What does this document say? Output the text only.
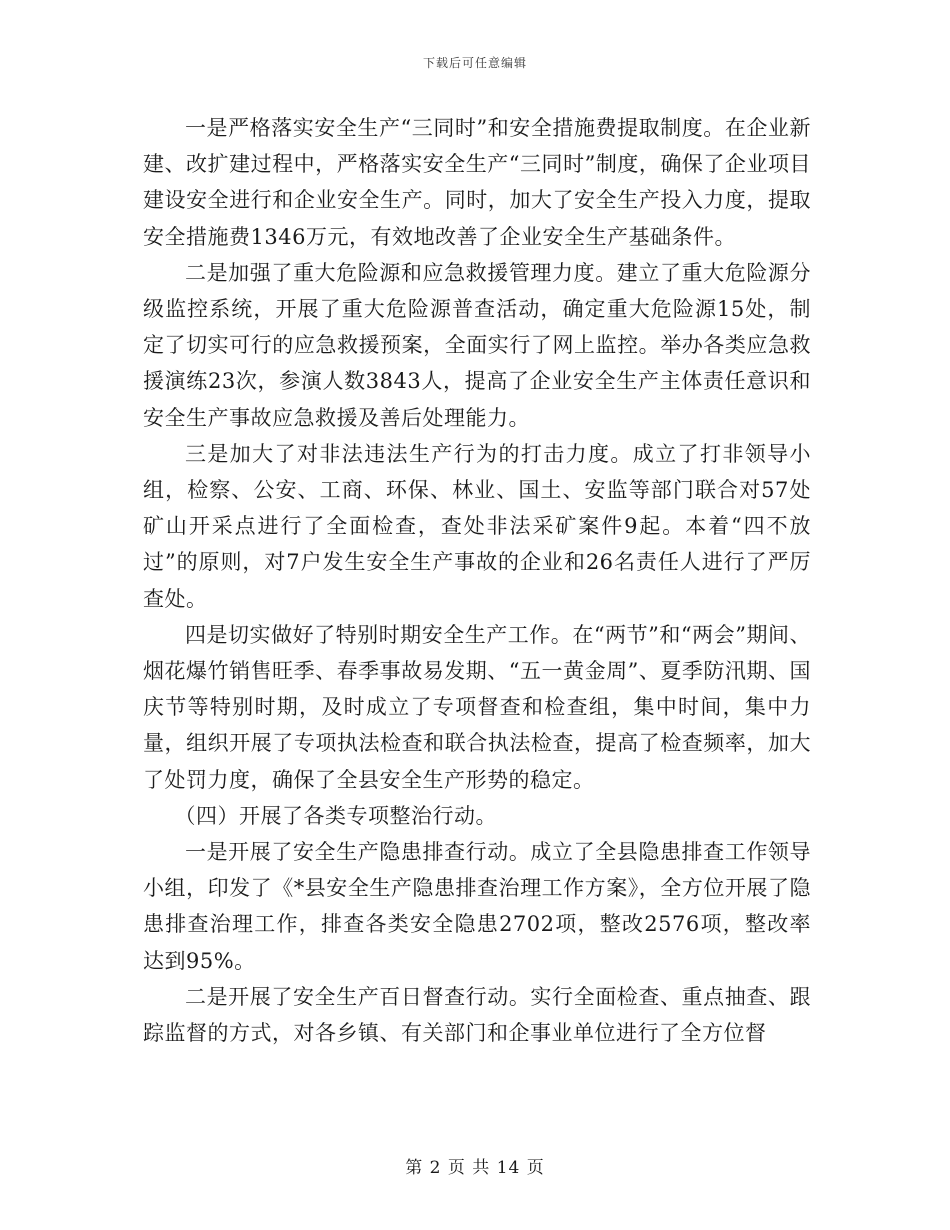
下载后可任意编辑

一是严格落实安全生产“三同时”和安全措施费提取制度。在企业新建、改扩建过程中，严格落实安全生产“三同时”制度，确保了企业项目建设安全进行和企业安全生产。同时，加大了安全生产投入力度，提取安全措施费1346万元，有效地改善了企业安全生产基础条件。

二是加强了重大危险源和应急救援管理力度。建立了重大危险源分级监控系统，开展了重大危险源普查活动，确定重大危险源15处，制定了切实可行的应急救援预案，全面实行了网上监控。举办各类应急救援演练23次，参演人数3843人，提高了企业安全生产主体责任意识和安全生产事故应急救援及善后处理能力。

三是加大了对非法违法生产行为的打击力度。成立了打非领导小组，检察、公安、工商、环保、林业、国土、安监等部门联合对57处矿山开采点进行了全面检查，查处非法采矿案件9起。本着“四不放过”的原则，对7户发生安全生产事故的企业和26名责任人进行了严厉查处。

四是切实做好了特别时期安全生产工作。在“两节”和“两会”期间、烟花爆竹销售旺季、春季事故易发期、“五一黄金周”、夏季防汛期、国庆节等特别时期，及时成立了专项督查和检查组，集中时间，集中力量，组织开展了专项执法检查和联合执法检查，提高了检查频率，加大了处罚力度，确保了全县安全生产形势的稳定。

（四）开展了各类专项整治行动。

一是开展了安全生产隐患排查行动。成立了全县隐患排查工作领导小组，印发了《*县安全生产隐患排查治理工作方案》，全方位开展了隐患排查治理工作，排查各类安全隐患2702项，整改2576项，整改率达到95%。

二是开展了安全生产百日督查行动。实行全面检查、重点抽查、跟踪监督的方式，对各乡镇、有关部门和企事业单位进行了全方位督

第 2 页 共 14 页
